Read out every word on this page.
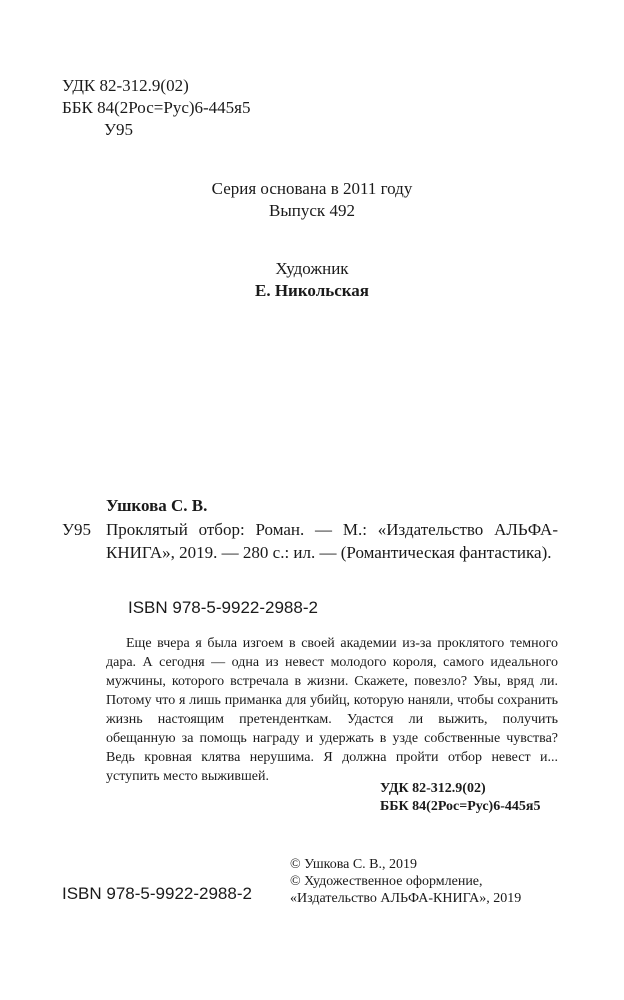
УДК 82-312.9(02)
ББК 84(2Рос=Рус)6-445я5
У95
Серия основана в 2011 году
Выпуск 492
Художник
Е. Никольская
Ушкова С. В.
У95 Проклятый отбор: Роман. — М.: «Издательство АЛЬФА-КНИГА», 2019. — 280 с.: ил. — (Романтическая фантастика).
ISBN 978-5-9922-2988-2
Еще вчера я была изгоем в своей академии из-за проклятого темного дара. А сегодня — одна из невест молодого короля, самого идеального мужчины, которого встречала в жизни. Скажете, повезло? Увы, вряд ли. Потому что я лишь приманка для убийц, которую наняли, чтобы сохранить жизнь настоящим претенденткам. Удастся ли выжить, получить обещанную за помощь награду и удержать в узде собственные чувства? Ведь кровная клятва нерушима. Я должна пройти отбор невест и... уступить место выжившей.
УДК 82-312.9(02)
ББК 84(2Рос=Рус)6-445я5
© Ушкова С. В., 2019
© Художественное оформление,
«Издательство АЛЬФА-КНИГА», 2019
ISBN 978-5-9922-2988-2
